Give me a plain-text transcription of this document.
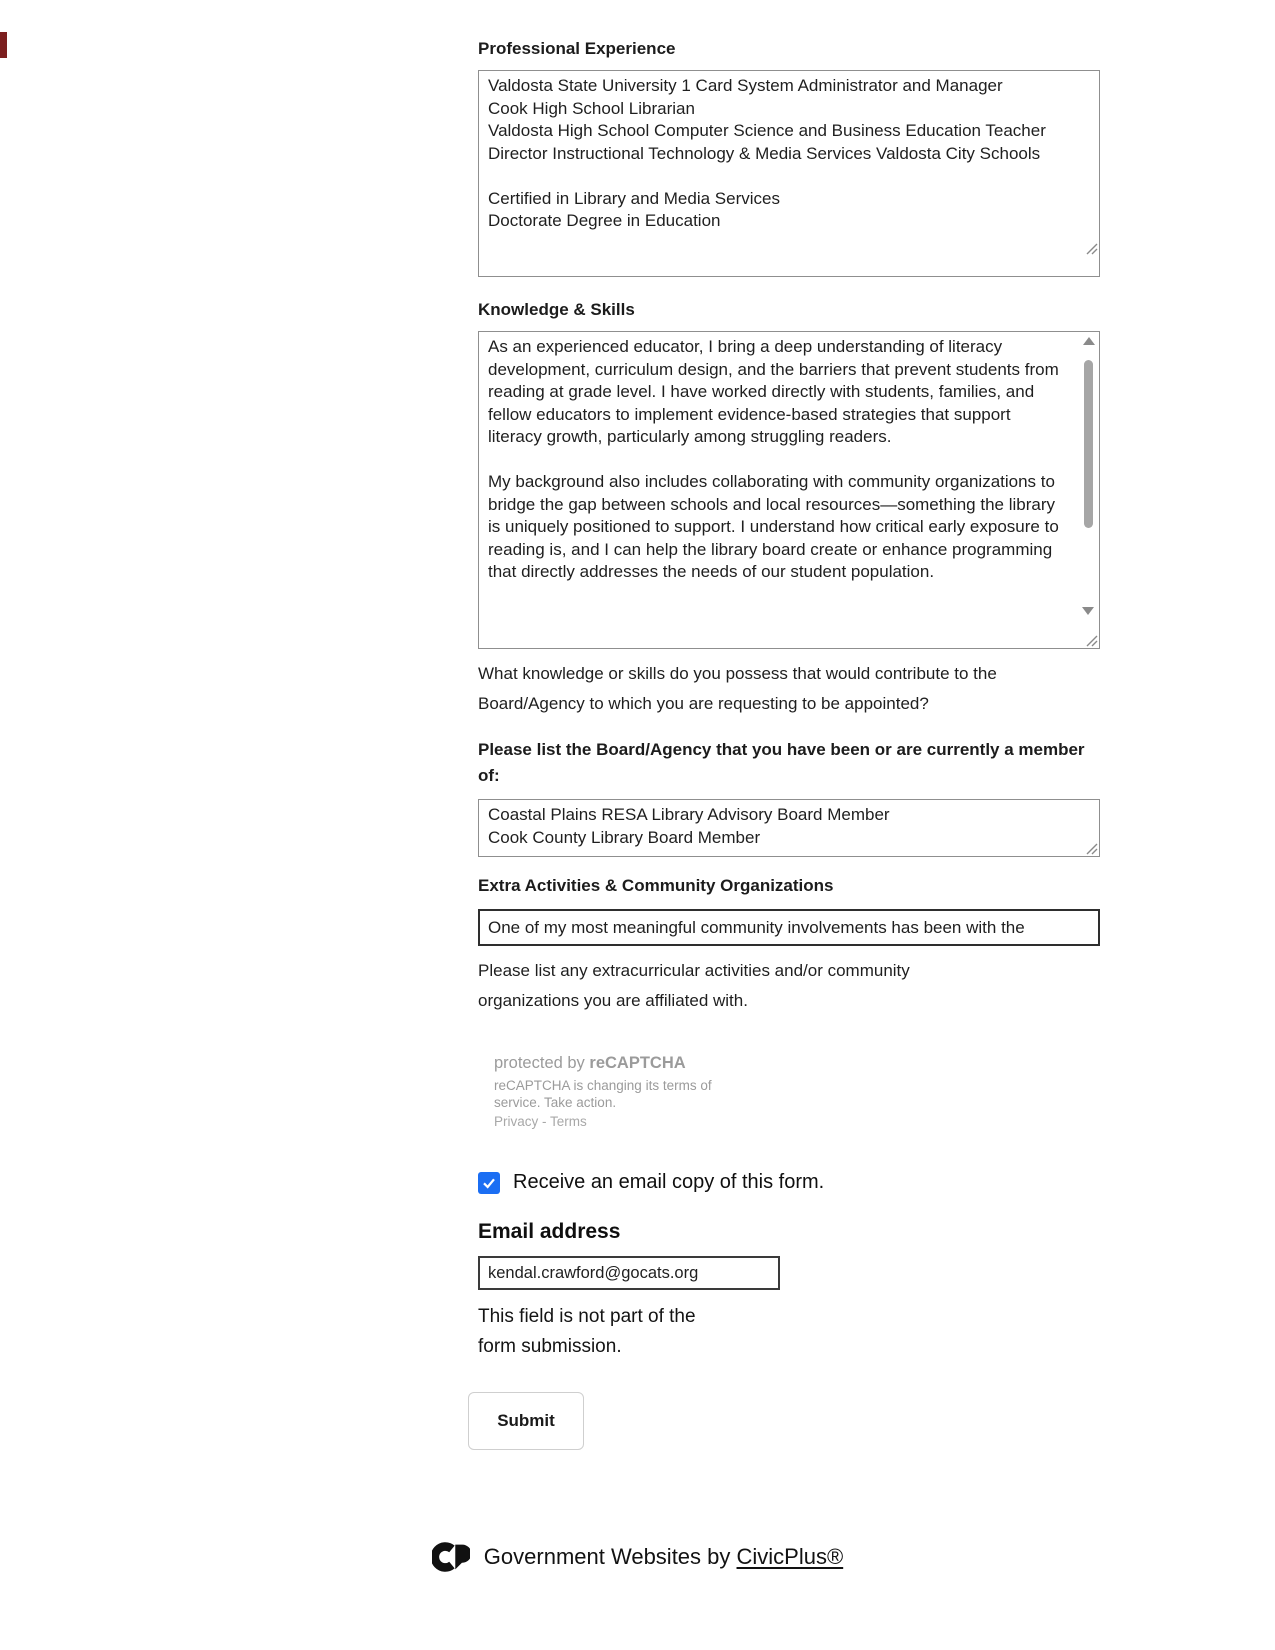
Professional Experience
Valdosta State University 1 Card System Administrator and Manager Cook High School Librarian Valdosta High School Computer Science and Business Education Teacher Director Instructional Technology & Media Services Valdosta City Schools Certified in Library and Media Services Doctorate Degree in Education
Knowledge & Skills
As an experienced educator, I bring a deep understanding of literacy development, curriculum design, and the barriers that prevent students from reading at grade level. I have worked directly with students, families, and fellow educators to implement evidence-based strategies that support literacy growth, particularly among struggling readers. My background also includes collaborating with community organizations to bridge the gap between schools and local resources—something the library is uniquely positioned to support. I understand how critical early exposure to reading is, and I can help the library board create or enhance programming that directly addresses the needs of our student population.
What knowledge or skills do you possess that would contribute to the Board/Agency to which you are requesting to be appointed?
Please list the Board/Agency that you have been or are currently a member of:
Coastal Plains RESA Library Advisory Board Member Cook County Library Board Member
Extra Activities & Community Organizations
One of my most meaningful community involvements has been with the
Please list any extracurricular activities and/or community organizations you are affiliated with.
protected by reCAPTCHA
reCAPTCHA is changing its terms of
service. Take action.
Privacy - Terms
Receive an email copy of this form.
Email address
kendal.crawford@gocats.org
This field is not part of the form submission.
Submit
Government Websites by CivicPlus®
